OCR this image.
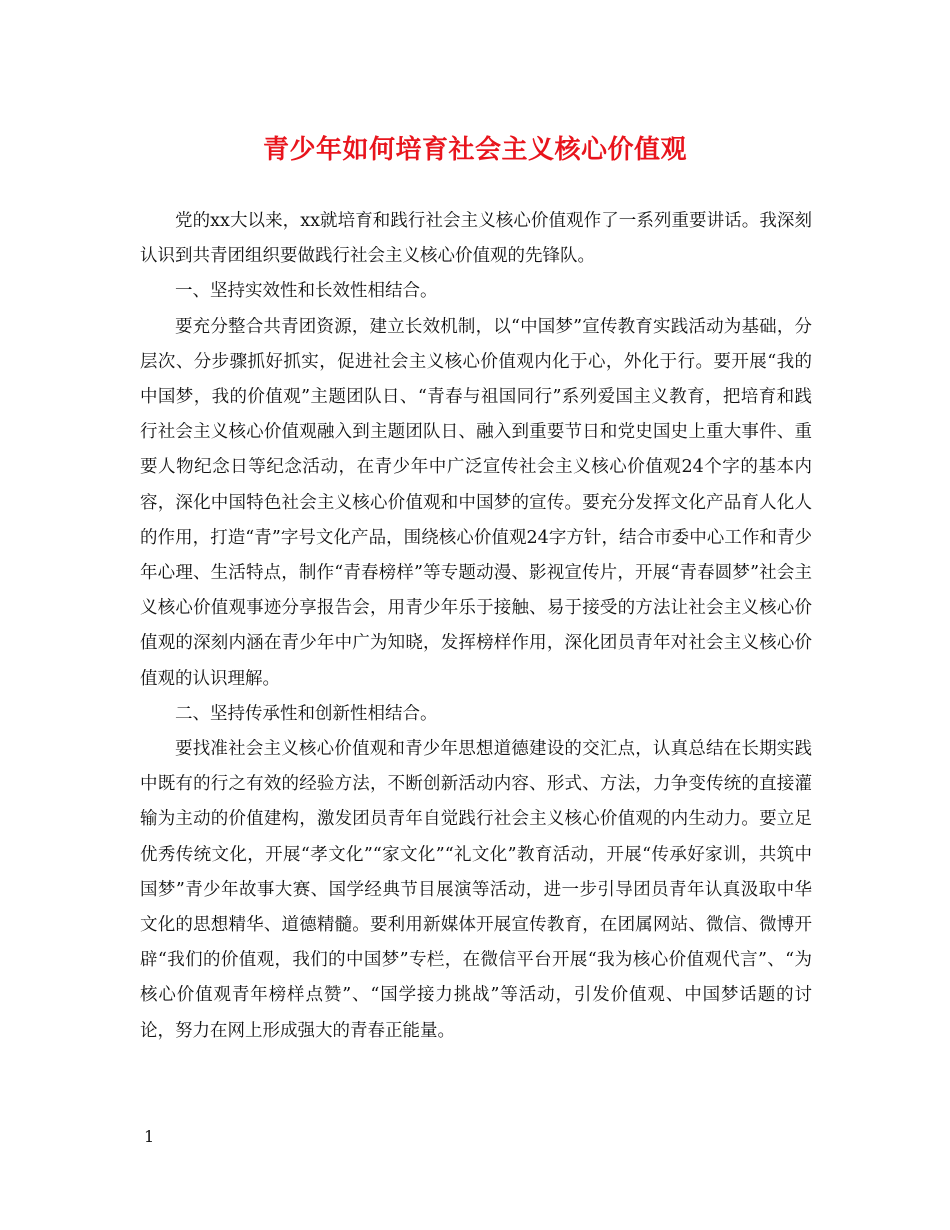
青少年如何培育社会主义核心价值观

党的xx大以来，xx就培育和践行社会主义核心价值观作了一系列重要讲话。我深刻认识到共青团组织要做践行社会主义核心价值观的先锋队。

一、坚持实效性和长效性相结合。

要充分整合共青团资源，建立长效机制，以“中国梦”宣传教育实践活动为基础，分层次、分步骤抓好抓实，促进社会主义核心价值观内化于心，外化于行。要开展“我的中国梦，我的价值观”主题团队日、“青春与祖国同行”系列爱国主义教育，把培育和践行社会主义核心价值观融入到主题团队日、融入到重要节日和党史国史上重大事件、重要人物纪念日等纪念活动，在青少年中广泛宣传社会主义核心价值观24个字的基本内容，深化中国特色社会主义核心价值观和中国梦的宣传。要充分发挥文化产品育人化人的作用，打造“青”字号文化产品，围绕核心价值观24字方针，结合市委中心工作和青少年心理、生活特点，制作“青春榜样”等专题动漫、影视宣传片，开展“青春圆梦”社会主义核心价值观事迹分享报告会，用青少年乐于接触、易于接受的方法让社会主义核心价值观的深刻内涵在青少年中广为知晓，发挥榜样作用，深化团员青年对社会主义核心价值观的认识理解。

二、坚持传承性和创新性相结合。

要找准社会主义核心价值观和青少年思想道德建设的交汇点，认真总结在长期实践中既有的行之有效的经验方法，不断创新活动内容、形式、方法，力争变传统的直接灌输为主动的价值建构，激发团员青年自觉践行社会主义核心价值观的内生动力。要立足优秀传统文化，开展“孝文化”“家文化”“礼文化”教育活动，开展“传承好家训，共筑中国梦”青少年故事大赛、国学经典节目展演等活动，进一步引导团员青年认真汲取中华文化的思想精华、道德精髓。要利用新媒体开展宣传教育，在团属网站、微信、微博开辟“我们的价值观，我们的中国梦”专栏，在微信平台开展“我为核心价值观代言”、“为核心价值观青年榜样点赞”、“国学接力挑战”等活动，引发价值观、中国梦话题的讨论，努力在网上形成强大的青春正能量。

1
